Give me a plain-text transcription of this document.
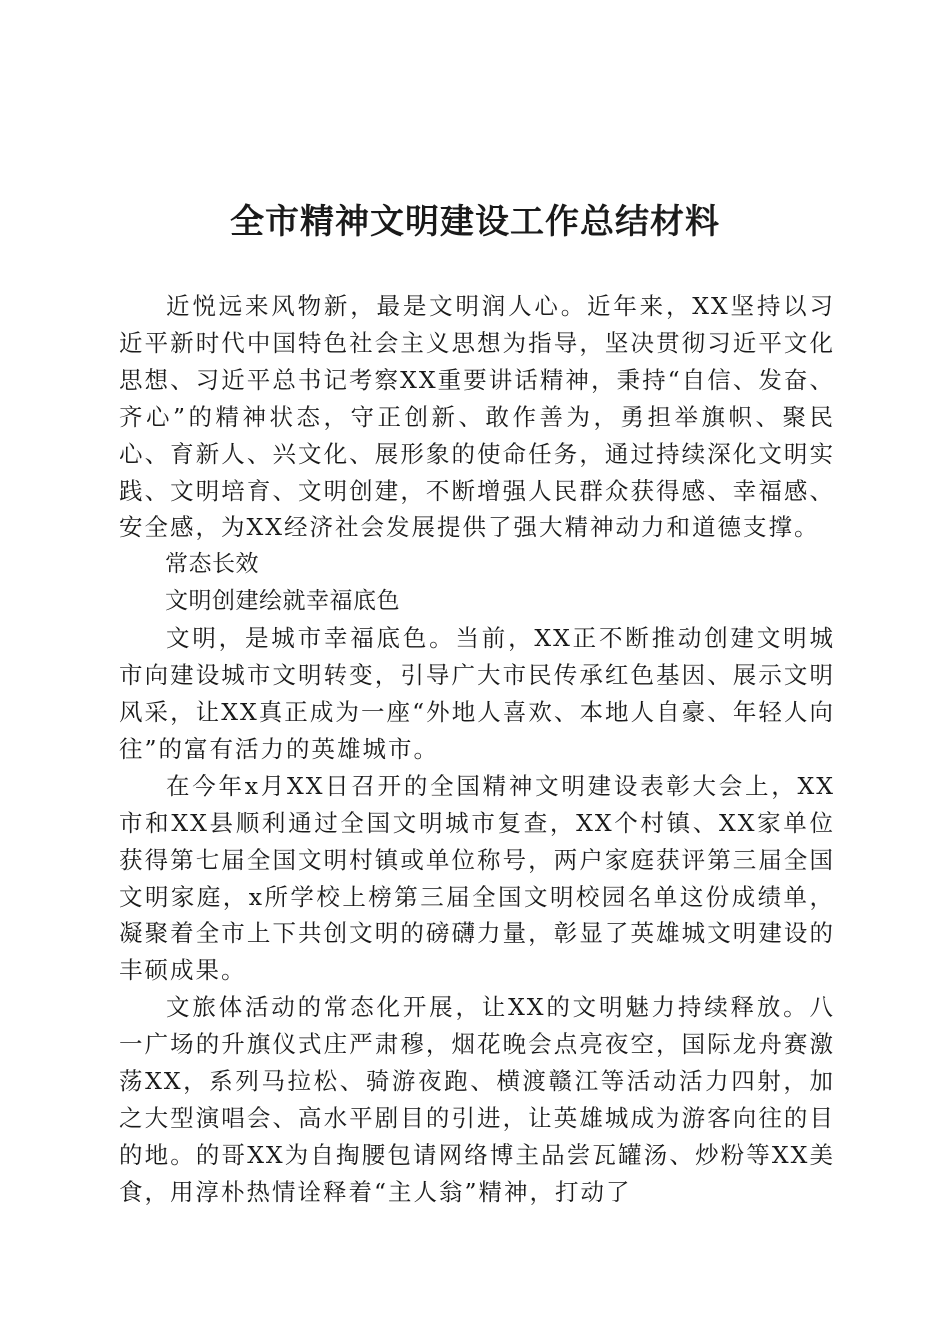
全市精神文明建设工作总结材料

近悦远来风物新，最是文明润人心。近年来，XX坚持以习近平新时代中国特色社会主义思想为指导，坚决贯彻习近平文化思想、习近平总书记考察XX重要讲话精神，秉持“自信、发奋、齐心”的精神状态，守正创新、敢作善为，勇担举旗帜、聚民心、育新人、兴文化、展形象的使命任务，通过持续深化文明实践、文明培育、文明创建，不断增强人民群众获得感、幸福感、安全感，为XX经济社会发展提供了强大精神动力和道德支撑。

常态长效

文明创建绘就幸福底色

文明，是城市幸福底色。当前，XX正不断推动创建文明城市向建设城市文明转变，引导广大市民传承红色基因、展示文明风采，让XX真正成为一座“外地人喜欢、本地人自豪、年轻人向往”的富有活力的英雄城市。

在今年x月XX日召开的全国精神文明建设表彰大会上，XX市和XX县顺利通过全国文明城市复查，XX个村镇、XX家单位获得第七届全国文明村镇或单位称号，两户家庭获评第三届全国文明家庭，x所学校上榜第三届全国文明校园名单这份成绩单，凝聚着全市上下共创文明的磅礴力量，彰显了英雄城文明建设的丰硕成果。

文旅体活动的常态化开展，让XX的文明魅力持续释放。八一广场的升旗仪式庄严肃穆，烟花晚会点亮夜空，国际龙舟赛激荡XX，系列马拉松、骑游夜跑、横渡赣江等活动活力四射，加之大型演唱会、高水平剧目的引进，让英雄城成为游客向往的目的地。的哥XX为自掏腰包请网络博主品尝瓦罐汤、炒粉等XX美食，用淳朴热情诠释着“主人翁”精神，打动了
